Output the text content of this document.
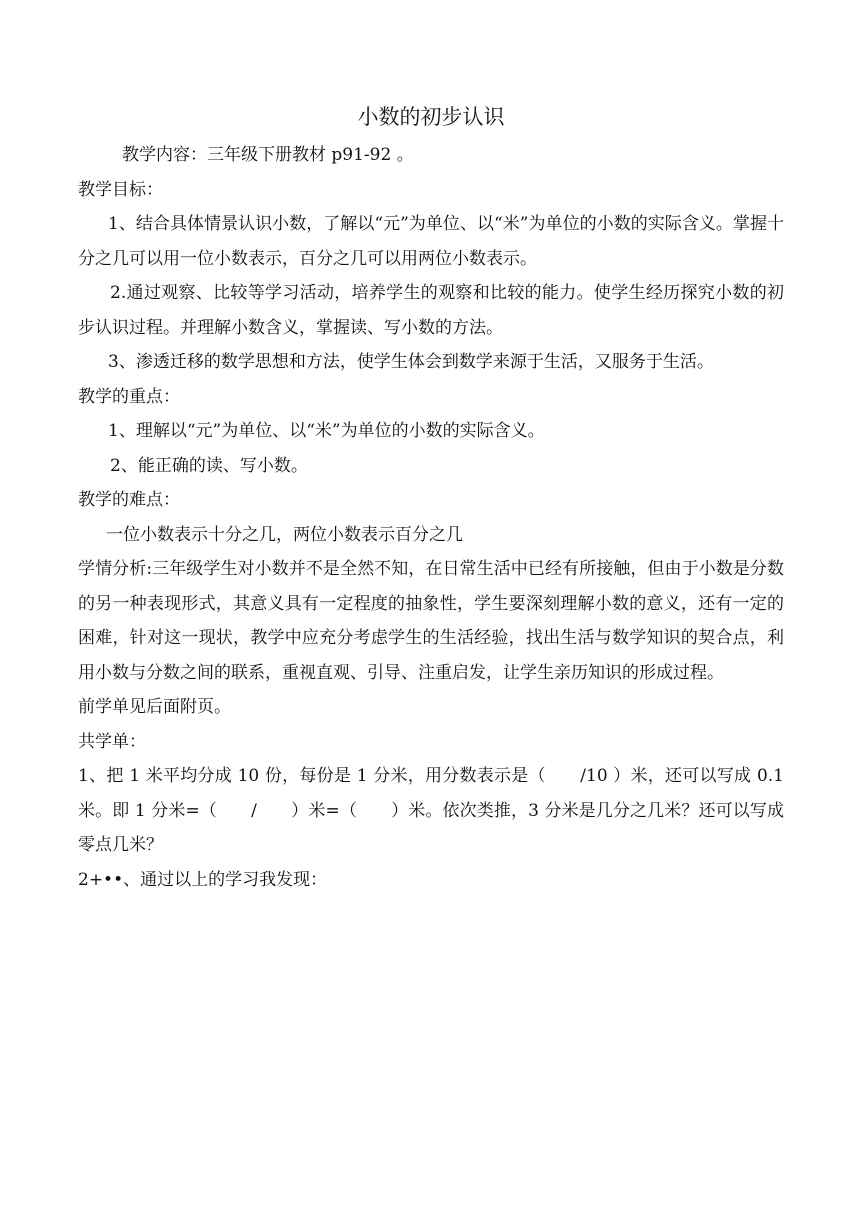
小数的初步认识

教学内容：三年级下册教材 p91-92 。

教学目标：

1、结合具体情景认识小数，了解以“元”为单位、以“米”为单位的小数的实际含义。掌握十分之几可以用一位小数表示，百分之几可以用两位小数表示。

2.通过观察、比较等学习活动，培养学生的观察和比较的能力。使学生经历探究小数的初步认识过程。并理解小数含义，掌握读、写小数的方法。

3、渗透迁移的数学思想和方法，使学生体会到数学来源于生活，又服务于生活。

教学的重点：

1、理解以“元”为单位、以“米”为单位的小数的实际含义。

2、能正确的读、写小数。

教学的难点：

一位小数表示十分之几，两位小数表示百分之几

学情分析:三年级学生对小数并不是全然不知，在日常生活中已经有所接触，但由于小数是分数的另一种表现形式，其意义具有一定程度的抽象性，学生要深刻理解小数的意义，还有一定的困难，针对这一现状，教学中应充分考虑学生的生活经验，找出生活与数学知识的契合点，利用小数与分数之间的联系，重视直观、引导、注重启发，让学生亲历知识的形成过程。

前学单见后面附页。

共学单：

1、把 1 米平均分成 10 份，每份是 1 分米，用分数表示是（　　/10 ）米，还可以写成 0.1 米。即 1 分米=（　　/　　）米=（　　）米。依次类推，3 分米是几分之几米？还可以写成零点几米？

2+••、通过以上的学习我发现：
